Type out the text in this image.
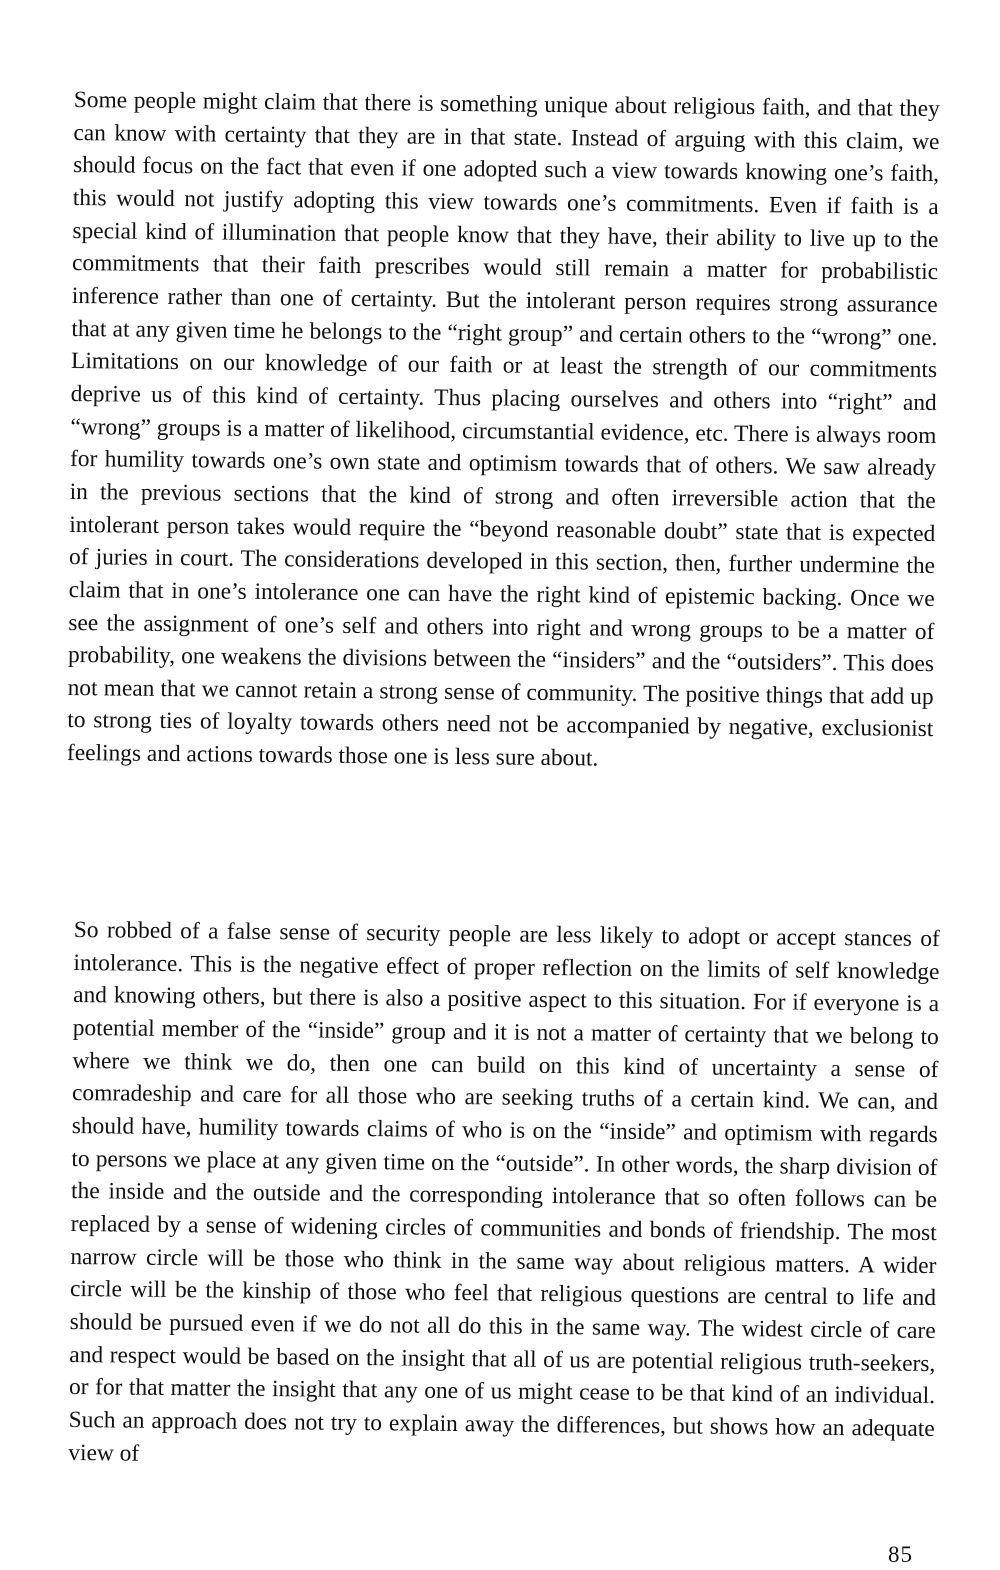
Some people might claim that there is something unique about religious faith, and that they can know with certainty that they are in that state. Instead of arguing with this claim, we should focus on the fact that even if one adopted such a view towards knowing one’s faith, this would not justify adopting this view towards one’s commitments. Even if faith is a special kind of illumination that people know that they have, their ability to live up to the commitments that their faith prescribes would still remain a matter for probabilistic inference rather than one of certainty. But the intolerant person requires strong assurance that at any given time he belongs to the “right group” and certain others to the “wrong” one. Limitations on our knowledge of our faith or at least the strength of our commitments deprive us of this kind of certainty. Thus placing ourselves and others into “right” and “wrong” groups is a matter of likelihood, circumstantial evidence, etc. There is always room for humility towards one’s own state and optimism towards that of others. We saw already in the previous sections that the kind of strong and often irreversible action that the intolerant person takes would require the “beyond reasonable doubt” state that is expected of juries in court. The considerations developed in this section, then, further undermine the claim that in one’s intolerance one can have the right kind of epistemic backing. Once we see the assignment of one’s self and others into right and wrong groups to be a matter of probability, one weakens the divisions between the “insiders” and the “outsiders”. This does not mean that we cannot retain a strong sense of community. The positive things that add up to strong ties of loyalty towards others need not be accompanied by negative, exclusionist feelings and actions towards those one is less sure about.

So robbed of a false sense of security people are less likely to adopt or accept stances of intolerance. This is the negative effect of proper reflection on the limits of self knowledge and knowing others, but there is also a positive aspect to this situation. For if everyone is a potential member of the “inside” group and it is not a matter of certainty that we belong to where we think we do, then one can build on this kind of uncertainty a sense of comradeship and care for all those who are seeking truths of a certain kind. We can, and should have, humility towards claims of who is on the “inside” and optimism with regards to persons we place at any given time on the “outside”. In other words, the sharp division of the inside and the outside and the corresponding intolerance that so often follows can be replaced by a sense of widening circles of communities and bonds of friendship. The most narrow circle will be those who think in the same way about religious matters. A wider circle will be the kinship of those who feel that religious questions are central to life and should be pursued even if we do not all do this in the same way. The widest circle of care and respect would be based on the insight that all of us are potential religious truth-seekers, or for that matter the insight that any one of us might cease to be that kind of an individual. Such an approach does not try to explain away the differences, but shows how an adequate view of

85
